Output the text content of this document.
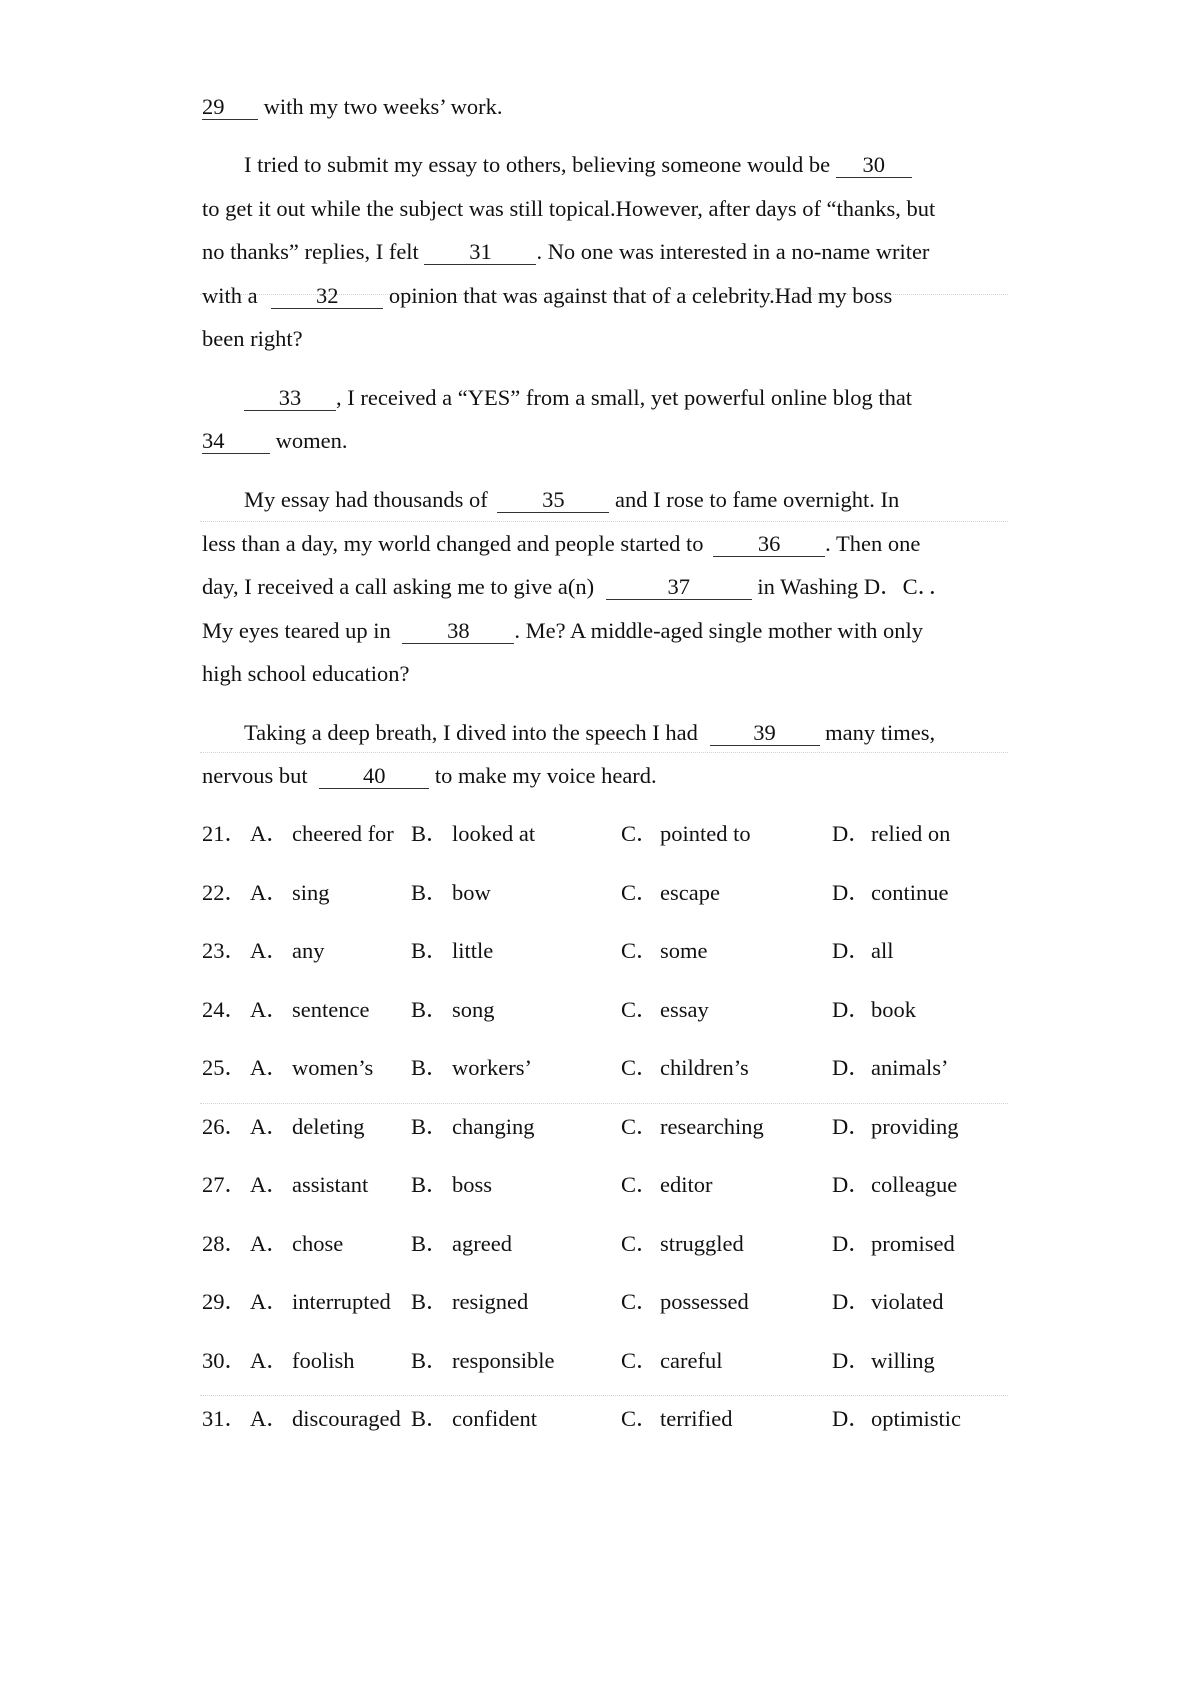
29 with my two weeks’ work.
I tried to submit my essay to others, believing someone would be 30
to get it out while the subject was still topical.However, after days of “thanks, but
no thanks” replies, I felt 31 . No one was interested in a no-name writer
with a 32 opinion that was against that of a celebrity.Had my boss
been right?
33 , I received a “YES” from a small, yet powerful online blog that
34 women.
My essay had thousands of 35 and I rose to fame overnight. In
less than a day, my world changed and people started to 36 . Then one
day, I received a call asking me to give a(n)	37	in Washing D．C．．
My eyes teared up in 38 . Me? A middle-aged single mother with only
high school education?
Taking a deep breath, I dived into the speech I had 39 many times,
nervous but 40 to make my voice heard.
21． A． cheered for B． looked at	C． pointed to	D． relied on
22． A． sing	B． bow	C． escape	D． continue
23． A． any	B． little	C． some	D． all
24． A． sentence B． song	C． essay	D． book
25． A． women’s B． workers’	C． children’s	D． animals’
26． A． deleting B． changing	C． researching	D． providing
27． A． assistant B． boss	C． editor	D． colleague
28． A． chose	B． agreed	C． struggled	D． promised
29． A． interrupted B． resigned	C． possessed	D． violated
30． A． foolish	B． responsible	C． careful	D． willing
31． A． discouraged B． confident	C． terrified	D． optimistic
